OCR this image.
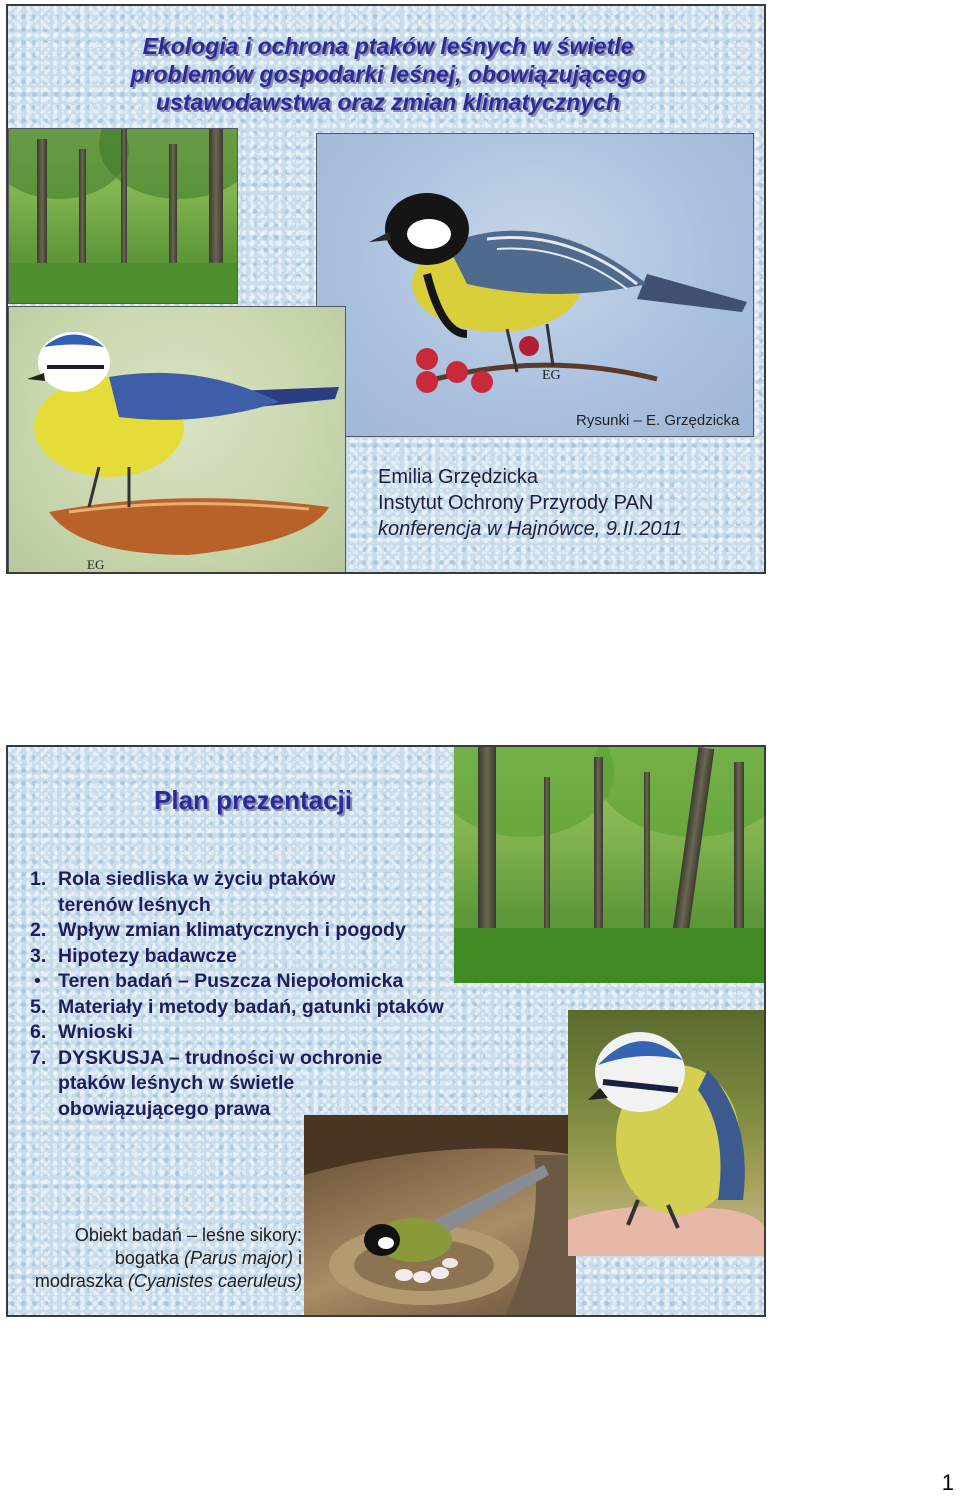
Ekologia i ochrona ptaków leśnych w świetle
problemów gospodarki leśnej, obowiązującego
ustawodawstwa oraz zmian klimatycznych
EG
EG
Rysunki – E. Grzędzicka
Emilia Grzędzicka
Instytut Ochrony Przyrody PAN
konferencja w Hajnówce, 9.II.2011
Plan prezentacji
1. Rola siedliska w życiu ptaków
terenów leśnych
2. Wpływ zmian klimatycznych i pogody
3. Hipotezy badawcze
• Teren badań – Puszcza Niepołomicka
5. Materiały i metody badań, gatunki ptaków
6. Wnioski
7. DYSKUSJA – trudności w ochronie
ptaków leśnych w świetle
obowiązującego prawa
Obiekt badań – leśne sikory:
bogatka (Parus major) i
modraszka (Cyanistes caeruleus)
1
